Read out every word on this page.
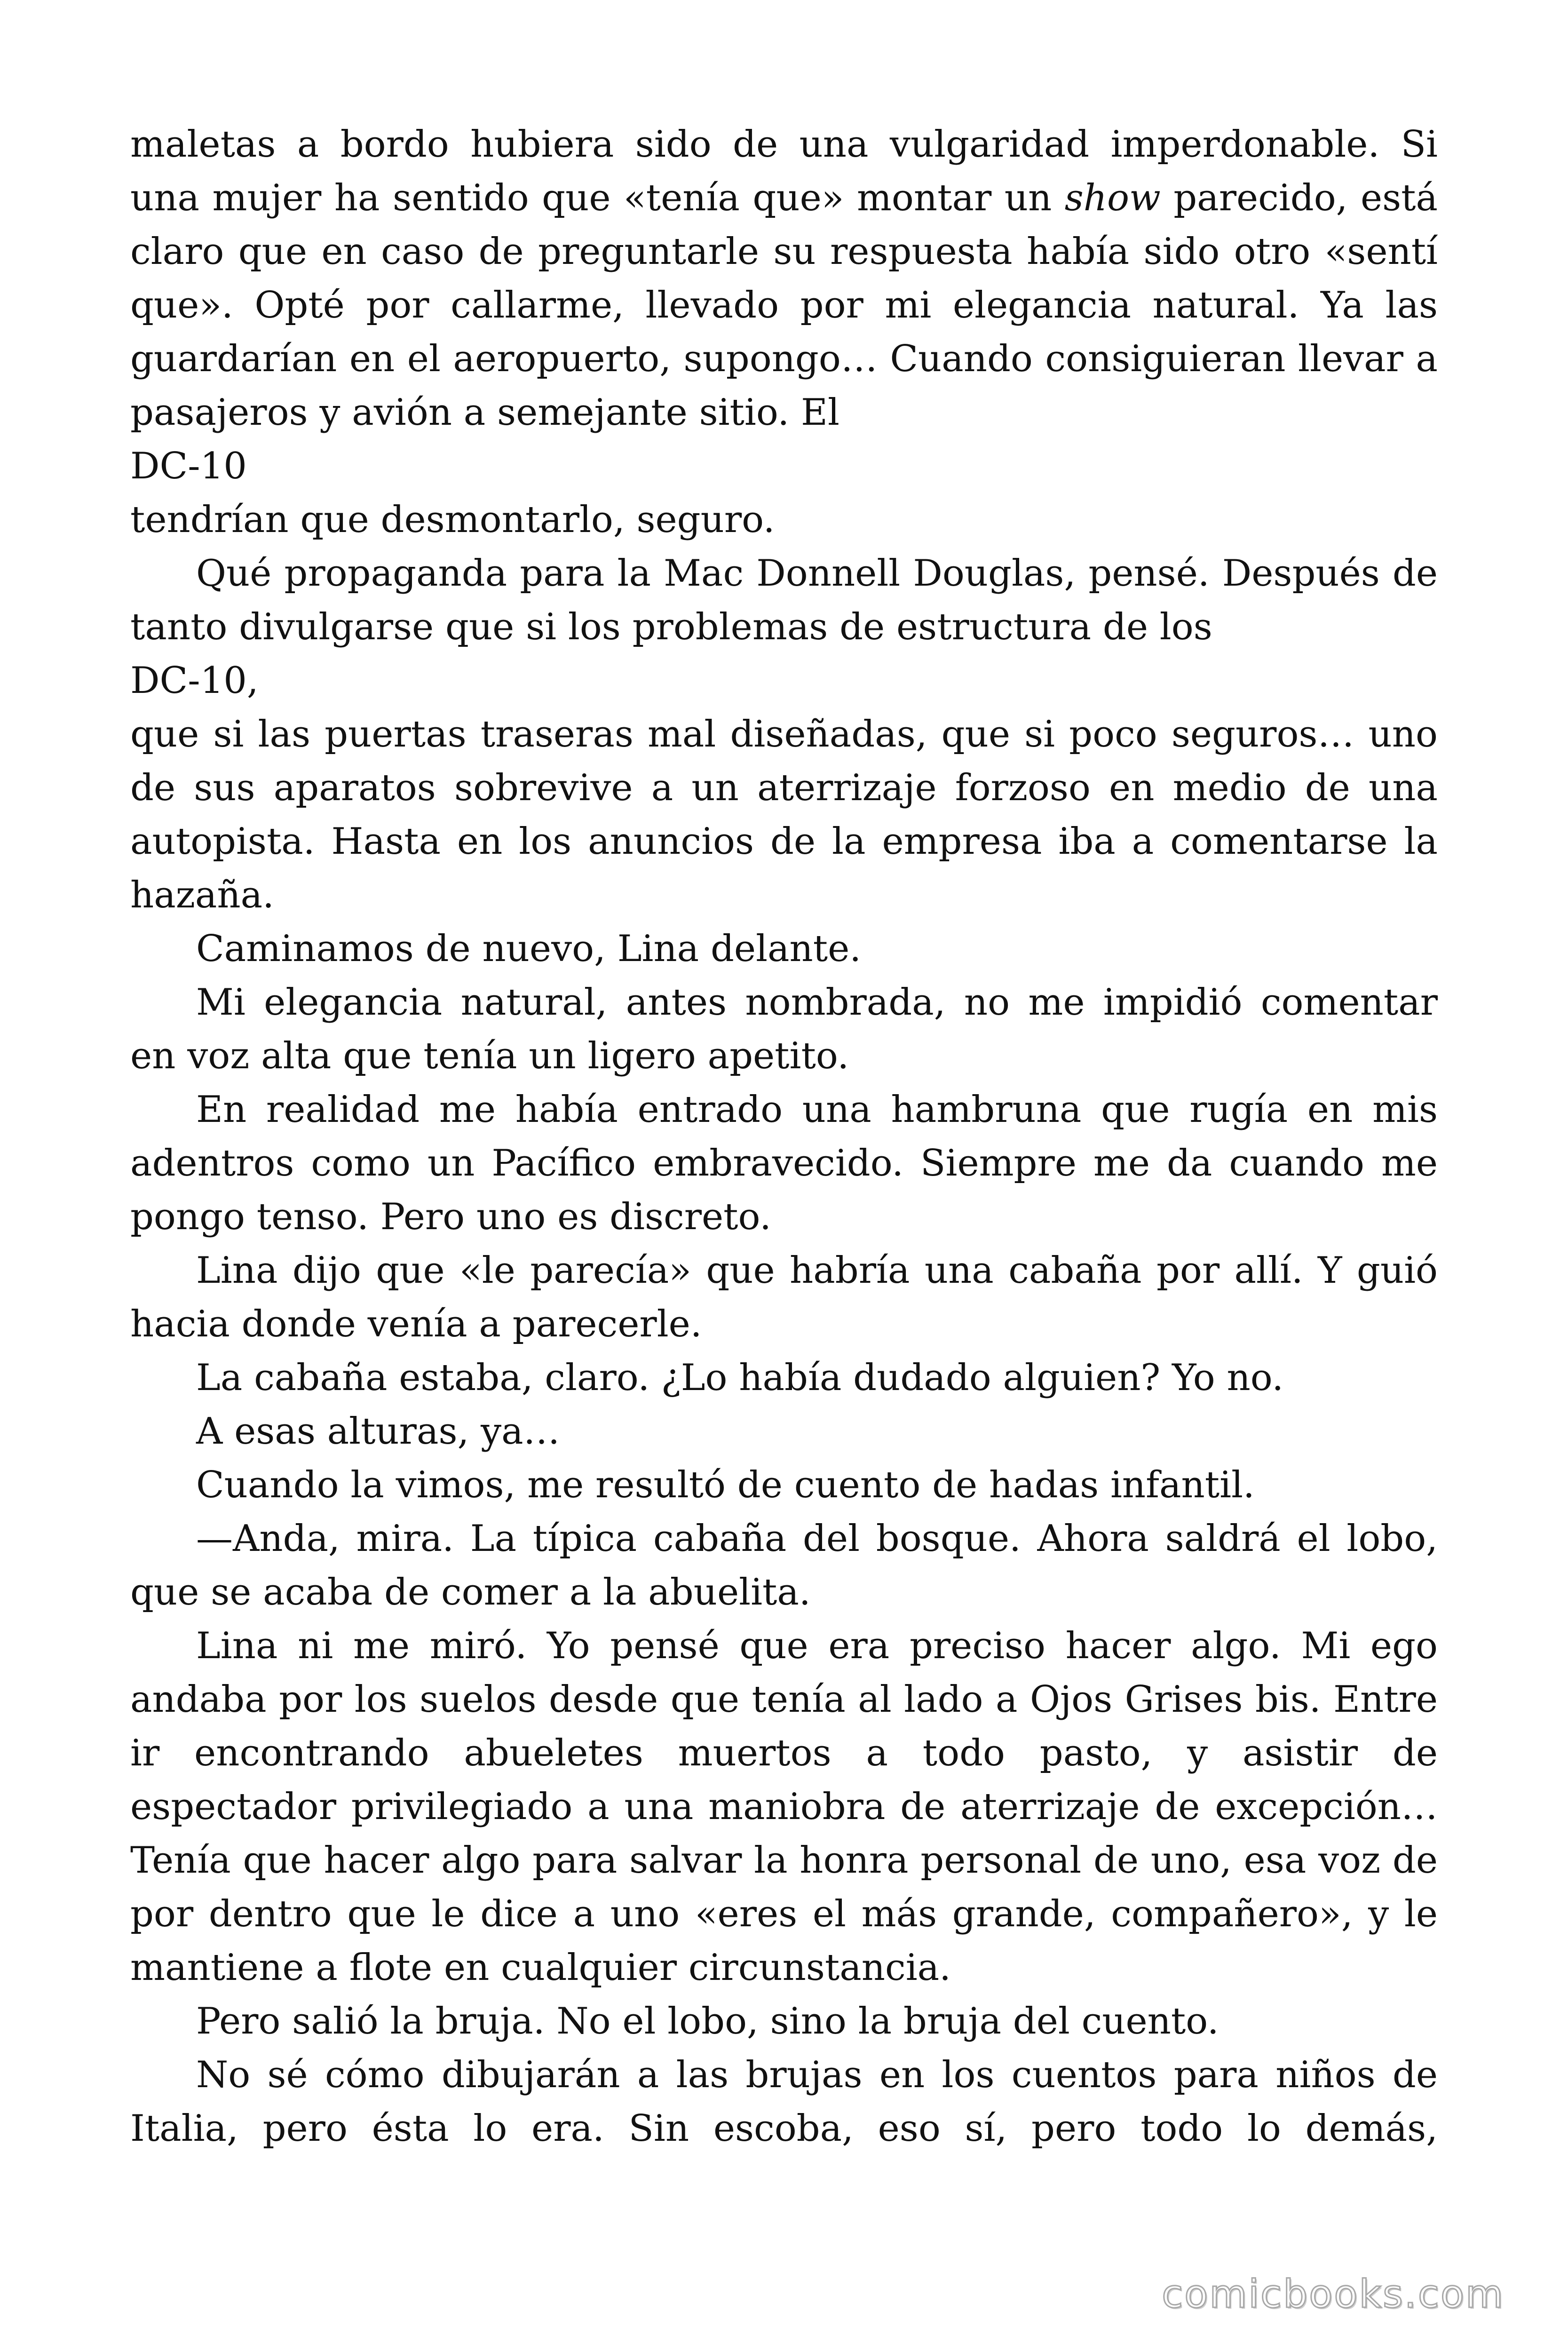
maletas a bordo hubiera sido de una vulgaridad imperdonable. Si

una mujer ha sentido que «tenía que» montar un show parecido, está claro que en caso de preguntarle su respuesta había sido otro «sentí que». Opté por callarme, llevado por mi elegancia natural. Ya las guardarían en el aeropuerto, supongo… Cuando consiguieran llevar a pasajeros y avión a semejante sitio. El

DC-10

tendrían que desmontarlo, seguro.

Qué propaganda para la Mac Donnell Douglas, pensé. Después de tanto divulgarse que si los problemas de estructura de los

DC-10,

que si las puertas traseras mal diseñadas, que si poco seguros… uno de sus aparatos sobrevive a un aterrizaje forzoso en medio de una autopista. Hasta en los anuncios de la empresa iba a comentarse la hazaña.

Caminamos de nuevo, Lina delante.

Mi elegancia natural, antes nombrada, no me impidió comentar en voz alta que tenía un ligero apetito.

En realidad me había entrado una hambruna que rugía en mis adentros como un Pacífico embravecido. Siempre me da cuando me pongo tenso. Pero uno es discreto.

Lina dijo que «le parecía» que habría una cabaña por allí. Y guió hacia donde venía a parecerle.

La cabaña estaba, claro. ¿Lo había dudado alguien? Yo no.

A esas alturas, ya…

Cuando la vimos, me resultó de cuento de hadas infantil.

—Anda, mira. La típica cabaña del bosque. Ahora saldrá el lobo, que se acaba de comer a la abuelita.

Lina ni me miró. Yo pensé que era preciso hacer algo. Mi ego andaba por los suelos desde que tenía al lado a Ojos Grises bis. Entre ir encontrando abueletes muertos a todo pasto, y asistir de espectador privilegiado a una maniobra de aterrizaje de excepción… Tenía que hacer algo para salvar la honra personal de uno, esa voz de por dentro que le dice a uno «eres el más grande, compañero», y le mantiene a flote en cualquier circunstancia.

Pero salió la bruja. No el lobo, sino la bruja del cuento.

No sé cómo dibujarán a las brujas en los cuentos para niños de Italia, pero ésta lo era. Sin escoba, eso sí, pero todo lo demás,

comicbooks.com
